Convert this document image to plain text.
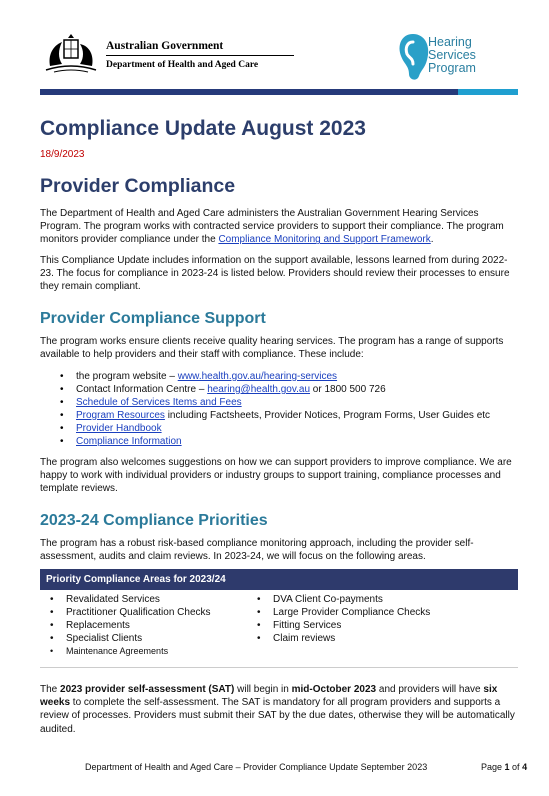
Australian Government
Department of Health and Aged Care
Hearing
Services
Program
Compliance Update August 2023
18/9/2023
Provider Compliance
The Department of Health and Aged Care administers the Australian Government Hearing Services Program. The program works with contracted service providers to support their compliance. The program monitors provider compliance under the Compliance Monitoring and Support Framework.
This Compliance Update includes information on the support available, lessons learned from during 2022-23. The focus for compliance in 2023-24 is listed below. Providers should review their processes to ensure they remain compliant.
Provider Compliance Support
The program works ensure clients receive quality hearing services. The program has a range of supports available to help providers and their staff with compliance. These include:
• the program website – www.health.gov.au/hearing-services
• Contact Information Centre – hearing@health.gov.au or 1800 500 726
• Schedule of Services Items and Fees
• Program Resources including Factsheets, Provider Notices, Program Forms, User Guides etc
• Provider Handbook
• Compliance Information
The program also welcomes suggestions on how we can support providers to improve compliance. We are happy to work with individual providers or industry groups to support training, compliance processes and template reviews.
2023-24 Compliance Priorities
The program has a robust risk-based compliance monitoring approach, including the provider self-assessment, audits and claim reviews. In 2023-24, we will focus on the following areas.
Priority Compliance Areas for 2023/24
• Revalidated Services
• Practitioner Qualification Checks
• Replacements
• Specialist Clients
• Maintenance Agreements
• DVA Client Co-payments
• Large Provider Compliance Checks
• Fitting Services
• Claim reviews
The 2023 provider self-assessment (SAT) will begin in mid-October 2023 and providers will have six weeks to complete the self-assessment. The SAT is mandatory for all program providers and supports a review of processes. Providers must submit their SAT by the due dates, otherwise they will be automatically audited.
Department of Health and Aged Care – Provider Compliance Update September 2023	Page 1 of 4
